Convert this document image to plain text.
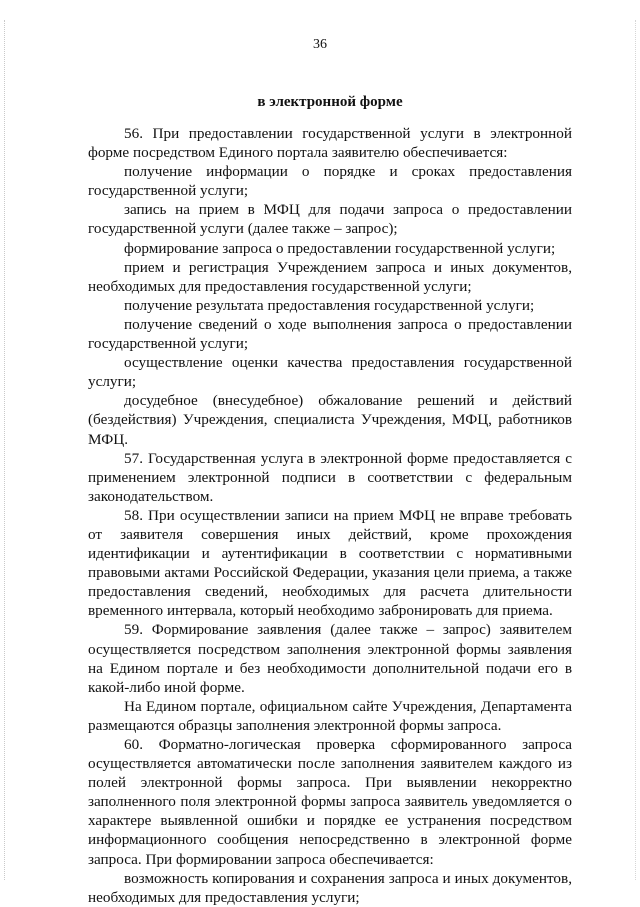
36
в электронной форме

56. При предоставлении государственной услуги в электронной форме посредством Единого портала заявителю обеспечивается:

получение информации о порядке и сроках предоставления государственной услуги;

запись на прием в МФЦ для подачи запроса о предоставлении государственной услуги (далее также – запрос);

формирование запроса о предоставлении государственной услуги;

прием и регистрация Учреждением запроса и иных документов, необходимых для предоставления государственной услуги;

получение результата предоставления государственной услуги;

получение сведений о ходе выполнения запроса о предоставлении государственной услуги;

осуществление оценки качества предоставления государственной услуги;

досудебное (внесудебное) обжалование решений и действий (бездействия) Учреждения, специалиста Учреждения, МФЦ, работников МФЦ.

57. Государственная услуга в электронной форме предоставляется с применением электронной подписи в соответствии с федеральным законодательством.

58. При осуществлении записи на прием МФЦ не вправе требовать от заявителя совершения иных действий, кроме прохождения идентификации и аутентификации в соответствии с нормативными правовыми актами Российской Федерации, указания цели приема, а также предоставления сведений, необходимых для расчета длительности временного интервала, который необходимо забронировать для приема.

59. Формирование заявления (далее также – запрос) заявителем осуществляется посредством заполнения электронной формы заявления на Едином портале и без необходимости дополнительной подачи его в какой-либо иной форме.

На Едином портале, официальном сайте Учреждения, Департамента размещаются образцы заполнения электронной формы запроса.

60. Форматно-логическая проверка сформированного запроса осуществляется автоматически после заполнения заявителем каждого из полей электронной формы запроса. При выявлении некорректно заполненного поля электронной формы запроса заявитель уведомляется о характере выявленной ошибки и порядке ее устранения посредством информационного сообщения непосредственно в электронной форме запроса. При формировании запроса обеспечивается:

возможность копирования и сохранения запроса и иных документов, необходимых для предоставления услуги;
